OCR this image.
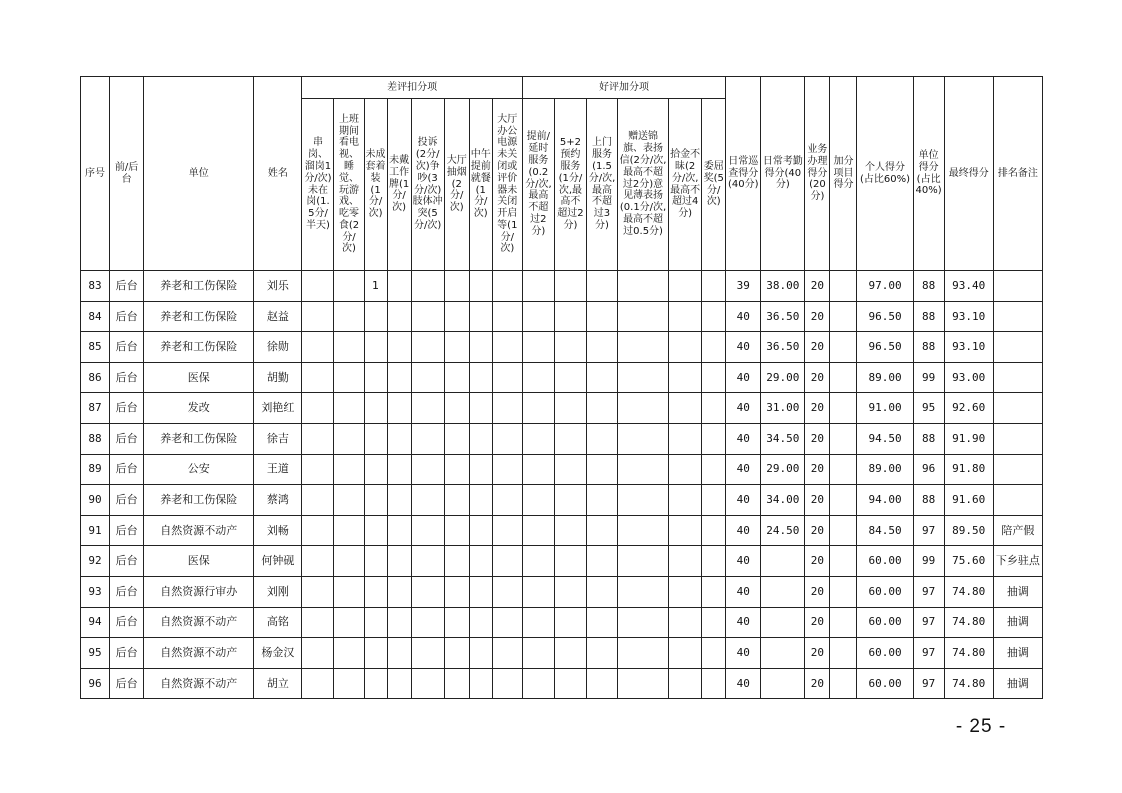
序号	前/后台	单位	姓名	差评扣分项								好评加分项						日常巡查得分(40分)	日常考勤得分(40分)	业务办理得分(20分)	加分项目得分	个人得分(占比60%)	单位得分(占比40%)	最终得分	排名备注

				串岗、溜岗1分/次)未在岗(1.5分/半天)	上班期间看电视、睡觉、玩游戏、吃零食(2分/次)	未成套着装(1分/次)	未戴工作牌(1分/次)	投诉(2分/次)争吵(3分/次)肢体冲突(5分/次)	大厅抽烟(2分/次)	中午提前就餐(1分/次)	大厅办公电源未关闭或评价器未关闭开启等(1分/次)	提前/延时服务(0.2分/次,最高不超过2分)	5+2预约服务(1分/次,最高不超过2分)	上门服务(1.5分/次,最高不超过3分)	赠送锦旗、表扬信(2分/次,最高不超过2分)意见薄表扬(0.1分/次,最高不超过0.5分)	拾金不昧(2分/次,最高不超过4分)	委屈奖(5分/次)								

83	后台	养老和工伤保险	刘乐			1												39	38.00	20		97.00	88	93.40	
84	后台	养老和工伤保险	赵益															40	36.50	20		96.50	88	93.10	
85	后台	养老和工伤保险	徐勋															40	36.50	20		96.50	88	93.10	
86	后台	医保	胡勤															40	29.00	20		89.00	99	93.00	
87	后台	发改	刘艳红															40	31.00	20		91.00	95	92.60	
88	后台	养老和工伤保险	徐吉															40	34.50	20		94.50	88	91.90	
89	后台	公安	王道															40	29.00	20		89.00	96	91.80	
90	后台	养老和工伤保险	蔡鸿															40	34.00	20		94.00	88	91.60	
91	后台	自然资源不动产	刘畅															40	24.50	20		84.50	97	89.50	陪产假
92	后台	医保	何钟砚															40		20		60.00	99	75.60	下乡驻点
93	后台	自然资源行审办	刘刚															40		20		60.00	97	74.80	抽调
94	后台	自然资源不动产	高铭															40		20		60.00	97	74.80	抽调
95	后台	自然资源不动产	杨金汉															40		20		60.00	97	74.80	抽调
96	后台	自然资源不动产	胡立															40		20		60.00	97	74.80	抽调
- 25 -
